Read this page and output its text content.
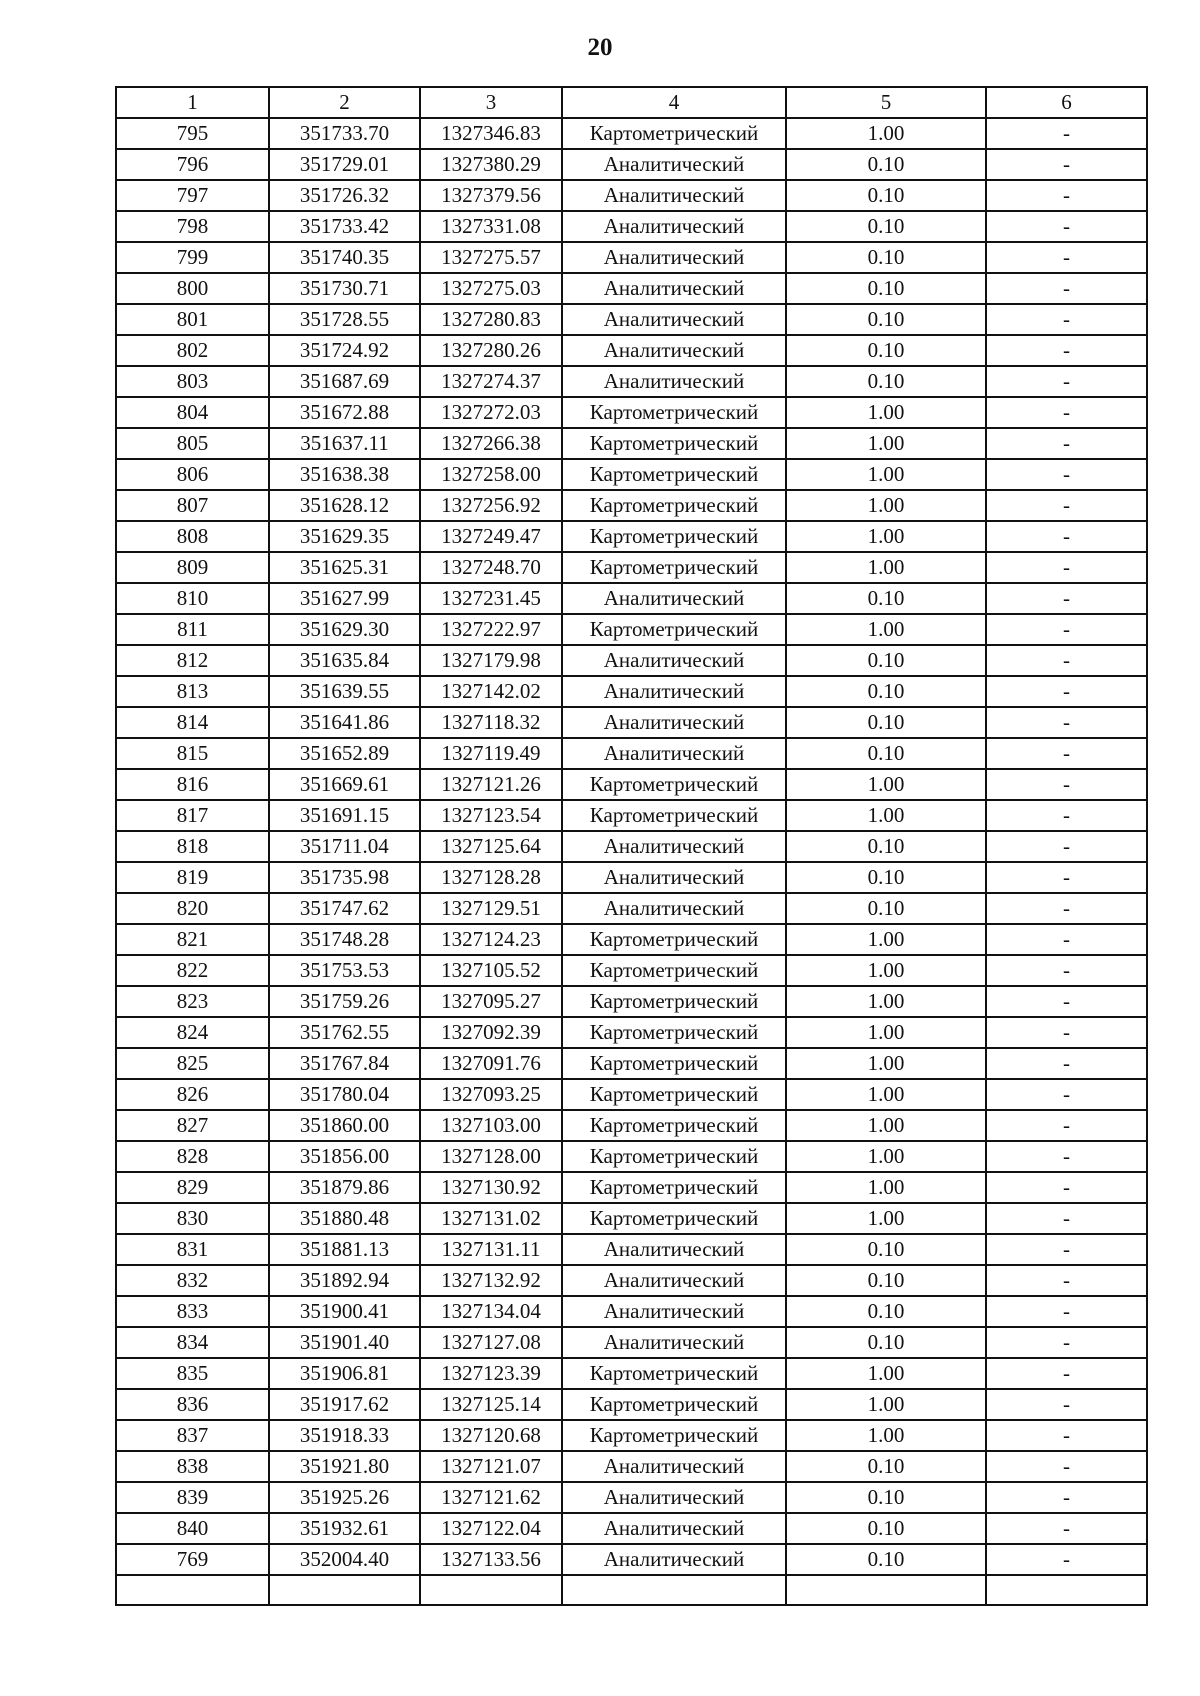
20
1	2	3	4	5	6
795	351733.70	1327346.83	Картометрический	1.00	-
796	351729.01	1327380.29	Аналитический	0.10	-
797	351726.32	1327379.56	Аналитический	0.10	-
798	351733.42	1327331.08	Аналитический	0.10	-
799	351740.35	1327275.57	Аналитический	0.10	-
800	351730.71	1327275.03	Аналитический	0.10	-
801	351728.55	1327280.83	Аналитический	0.10	-
802	351724.92	1327280.26	Аналитический	0.10	-
803	351687.69	1327274.37	Аналитический	0.10	-
804	351672.88	1327272.03	Картометрический	1.00	-
805	351637.11	1327266.38	Картометрический	1.00	-
806	351638.38	1327258.00	Картометрический	1.00	-
807	351628.12	1327256.92	Картометрический	1.00	-
808	351629.35	1327249.47	Картометрический	1.00	-
809	351625.31	1327248.70	Картометрический	1.00	-
810	351627.99	1327231.45	Аналитический	0.10	-
811	351629.30	1327222.97	Картометрический	1.00	-
812	351635.84	1327179.98	Аналитический	0.10	-
813	351639.55	1327142.02	Аналитический	0.10	-
814	351641.86	1327118.32	Аналитический	0.10	-
815	351652.89	1327119.49	Аналитический	0.10	-
816	351669.61	1327121.26	Картометрический	1.00	-
817	351691.15	1327123.54	Картометрический	1.00	-
818	351711.04	1327125.64	Аналитический	0.10	-
819	351735.98	1327128.28	Аналитический	0.10	-
820	351747.62	1327129.51	Аналитический	0.10	-
821	351748.28	1327124.23	Картометрический	1.00	-
822	351753.53	1327105.52	Картометрический	1.00	-
823	351759.26	1327095.27	Картометрический	1.00	-
824	351762.55	1327092.39	Картометрический	1.00	-
825	351767.84	1327091.76	Картометрический	1.00	-
826	351780.04	1327093.25	Картометрический	1.00	-
827	351860.00	1327103.00	Картометрический	1.00	-
828	351856.00	1327128.00	Картометрический	1.00	-
829	351879.86	1327130.92	Картометрический	1.00	-
830	351880.48	1327131.02	Картометрический	1.00	-
831	351881.13	1327131.11	Аналитический	0.10	-
832	351892.94	1327132.92	Аналитический	0.10	-
833	351900.41	1327134.04	Аналитический	0.10	-
834	351901.40	1327127.08	Аналитический	0.10	-
835	351906.81	1327123.39	Картометрический	1.00	-
836	351917.62	1327125.14	Картометрический	1.00	-
837	351918.33	1327120.68	Картометрический	1.00	-
838	351921.80	1327121.07	Аналитический	0.10	-
839	351925.26	1327121.62	Аналитический	0.10	-
840	351932.61	1327122.04	Аналитический	0.10	-
769	352004.40	1327133.56	Аналитический	0.10	-
